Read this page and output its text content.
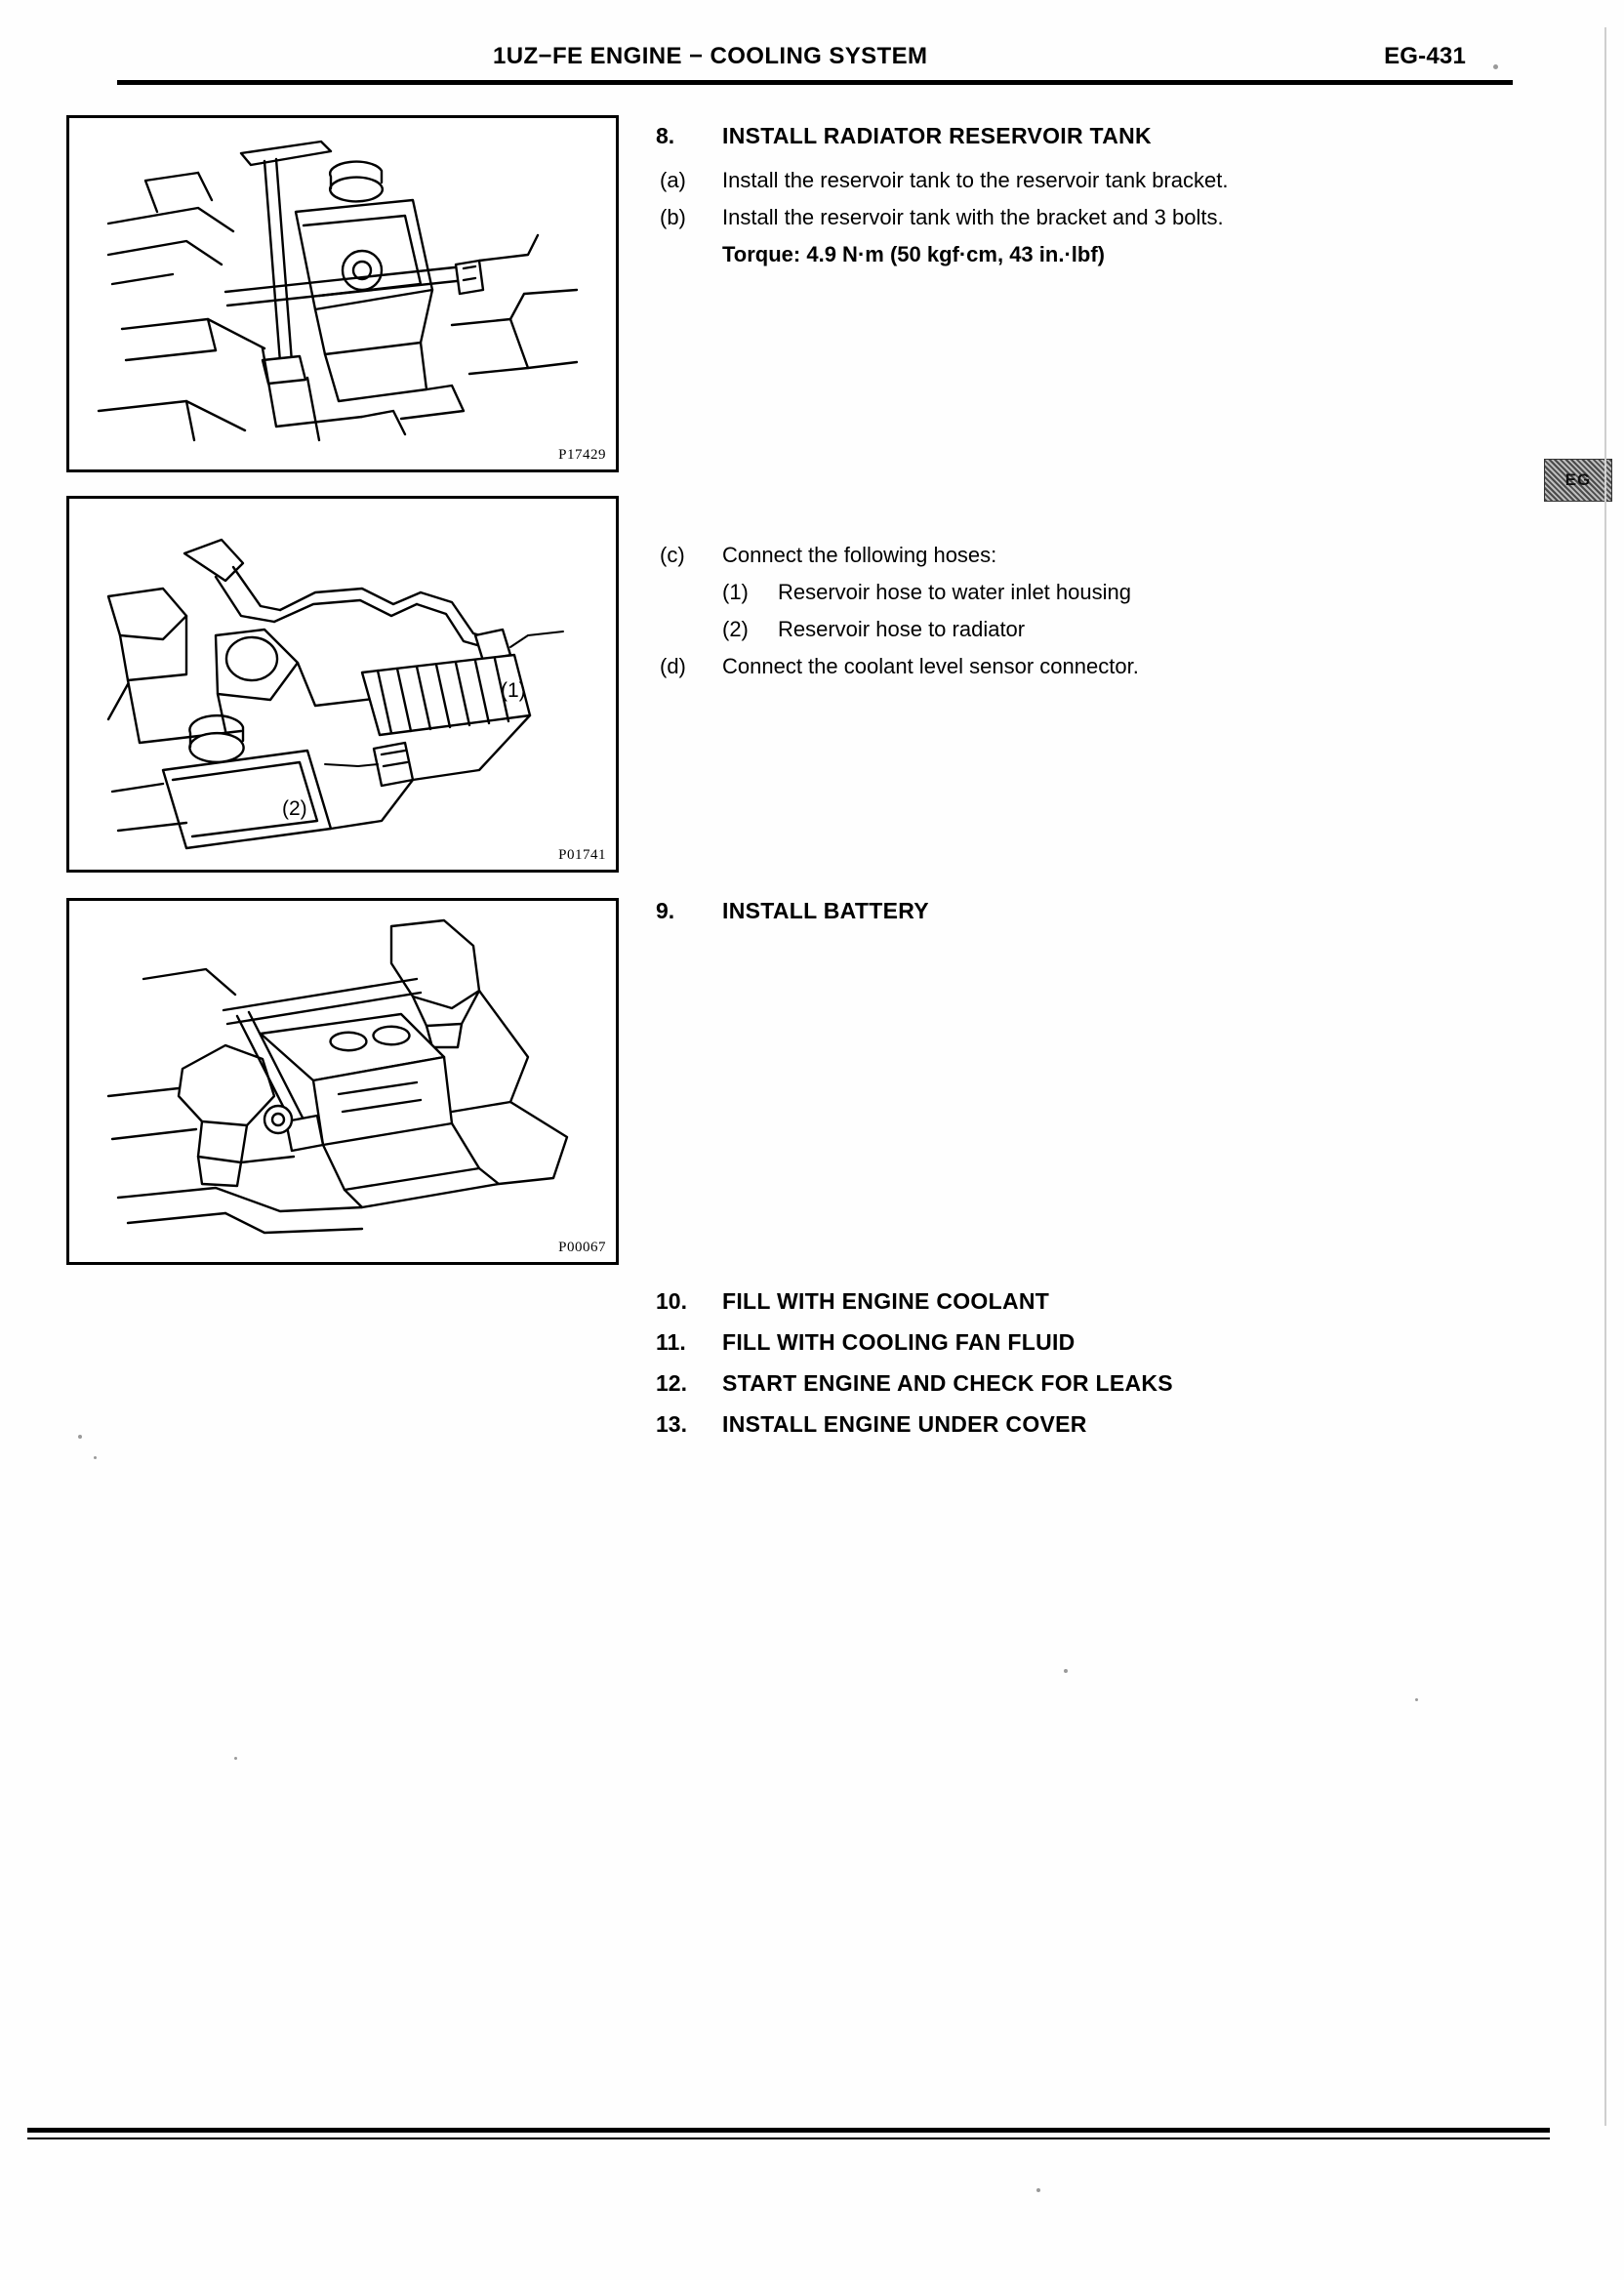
1UZ−FE ENGINE − COOLING SYSTEM	EG-431
EG
P17429
(1)
(2)
P01741
P00067
8. INSTALL RADIATOR RESERVOIR TANK
(a) Install the reservoir tank to the reservoir tank bracket.
(b) Install the reservoir tank with the bracket and 3 bolts.
Torque: 4.9 N·m (50 kgf·cm, 43 in.·lbf)
(c) Connect the following hoses:
(1) Reservoir hose to water inlet housing
(2) Reservoir hose to radiator
(d) Connect the coolant level sensor connector.
9. INSTALL BATTERY
10. FILL WITH ENGINE COOLANT
11. FILL WITH COOLING FAN FLUID
12. START ENGINE AND CHECK FOR LEAKS
13. INSTALL ENGINE UNDER COVER
